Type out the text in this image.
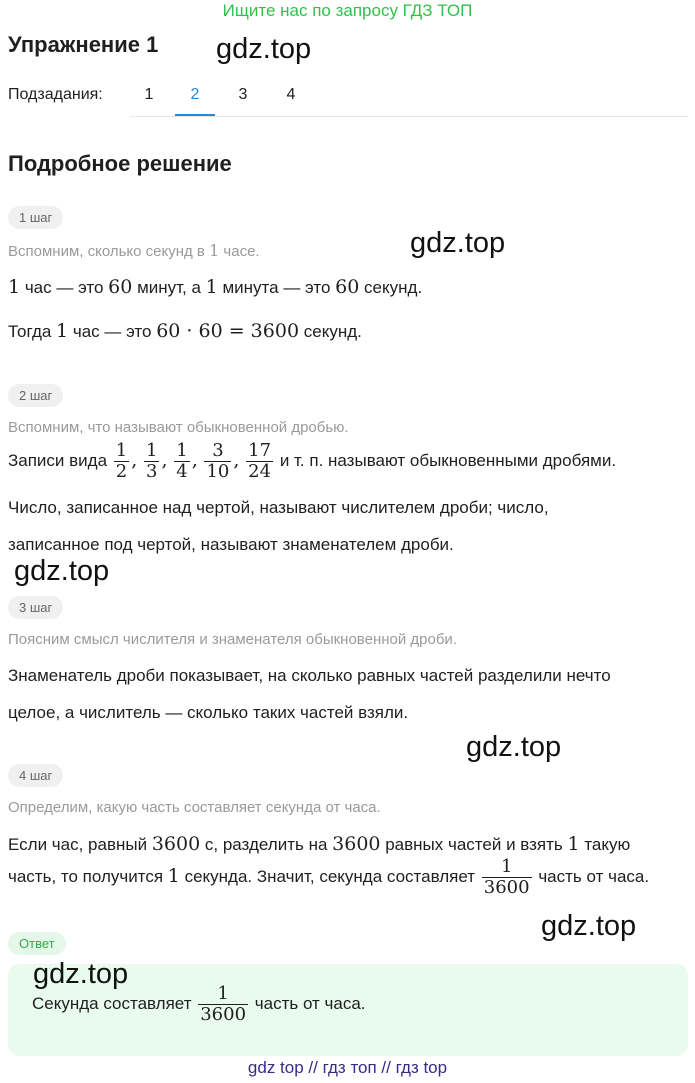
Ищите нас по запросу ГДЗ ТОП
Упражнение 1 gdz.top
Подзадания:	1	2	3	4
Подробное решение
1 шаг
Вспомним, сколько секунд в 1 часе.	gdz.top
1 час — это 60 минут, а 1 минута — это 60 секунд.
Тогда 1 час — это 60 · 60 = 3600 секунд.
2 шаг
Вспомним, что называют обыкновенной дробью.
Записи вида $\frac{1}{2}$ , $\frac{1}{3}$ , $\frac{1}{4}$ , $\frac{3}{10}$ , $\frac{17}{24}$ и т. п. называют обыкновенными дробями.
Число, записанное над чертой, называют числителем дроби; число,
записанное под чертой, называют знаменателем дроби.
gdz.top
3 шаг
Поясним смысл числителя и знаменателя обыкновенной дроби.
Знаменатель дроби показывает, на сколько равных частей разделили нечто
целое, а числитель — сколько таких частей взяли.
gdz.top
4 шаг
Определим, какую часть составляет секунда от часа.
Если час, равный 3600 с, разделить на 3600 равных частей и взять 1 такую
часть, то получится 1 секунда. Значит, секунда составляет $\frac{1}{3600}$ часть от часа.
gdz.top
Ответ
gdz.top
Секунда составляет $\frac{1}{3600}$ часть от часа.
gdz top // гдз топ // гдз top
